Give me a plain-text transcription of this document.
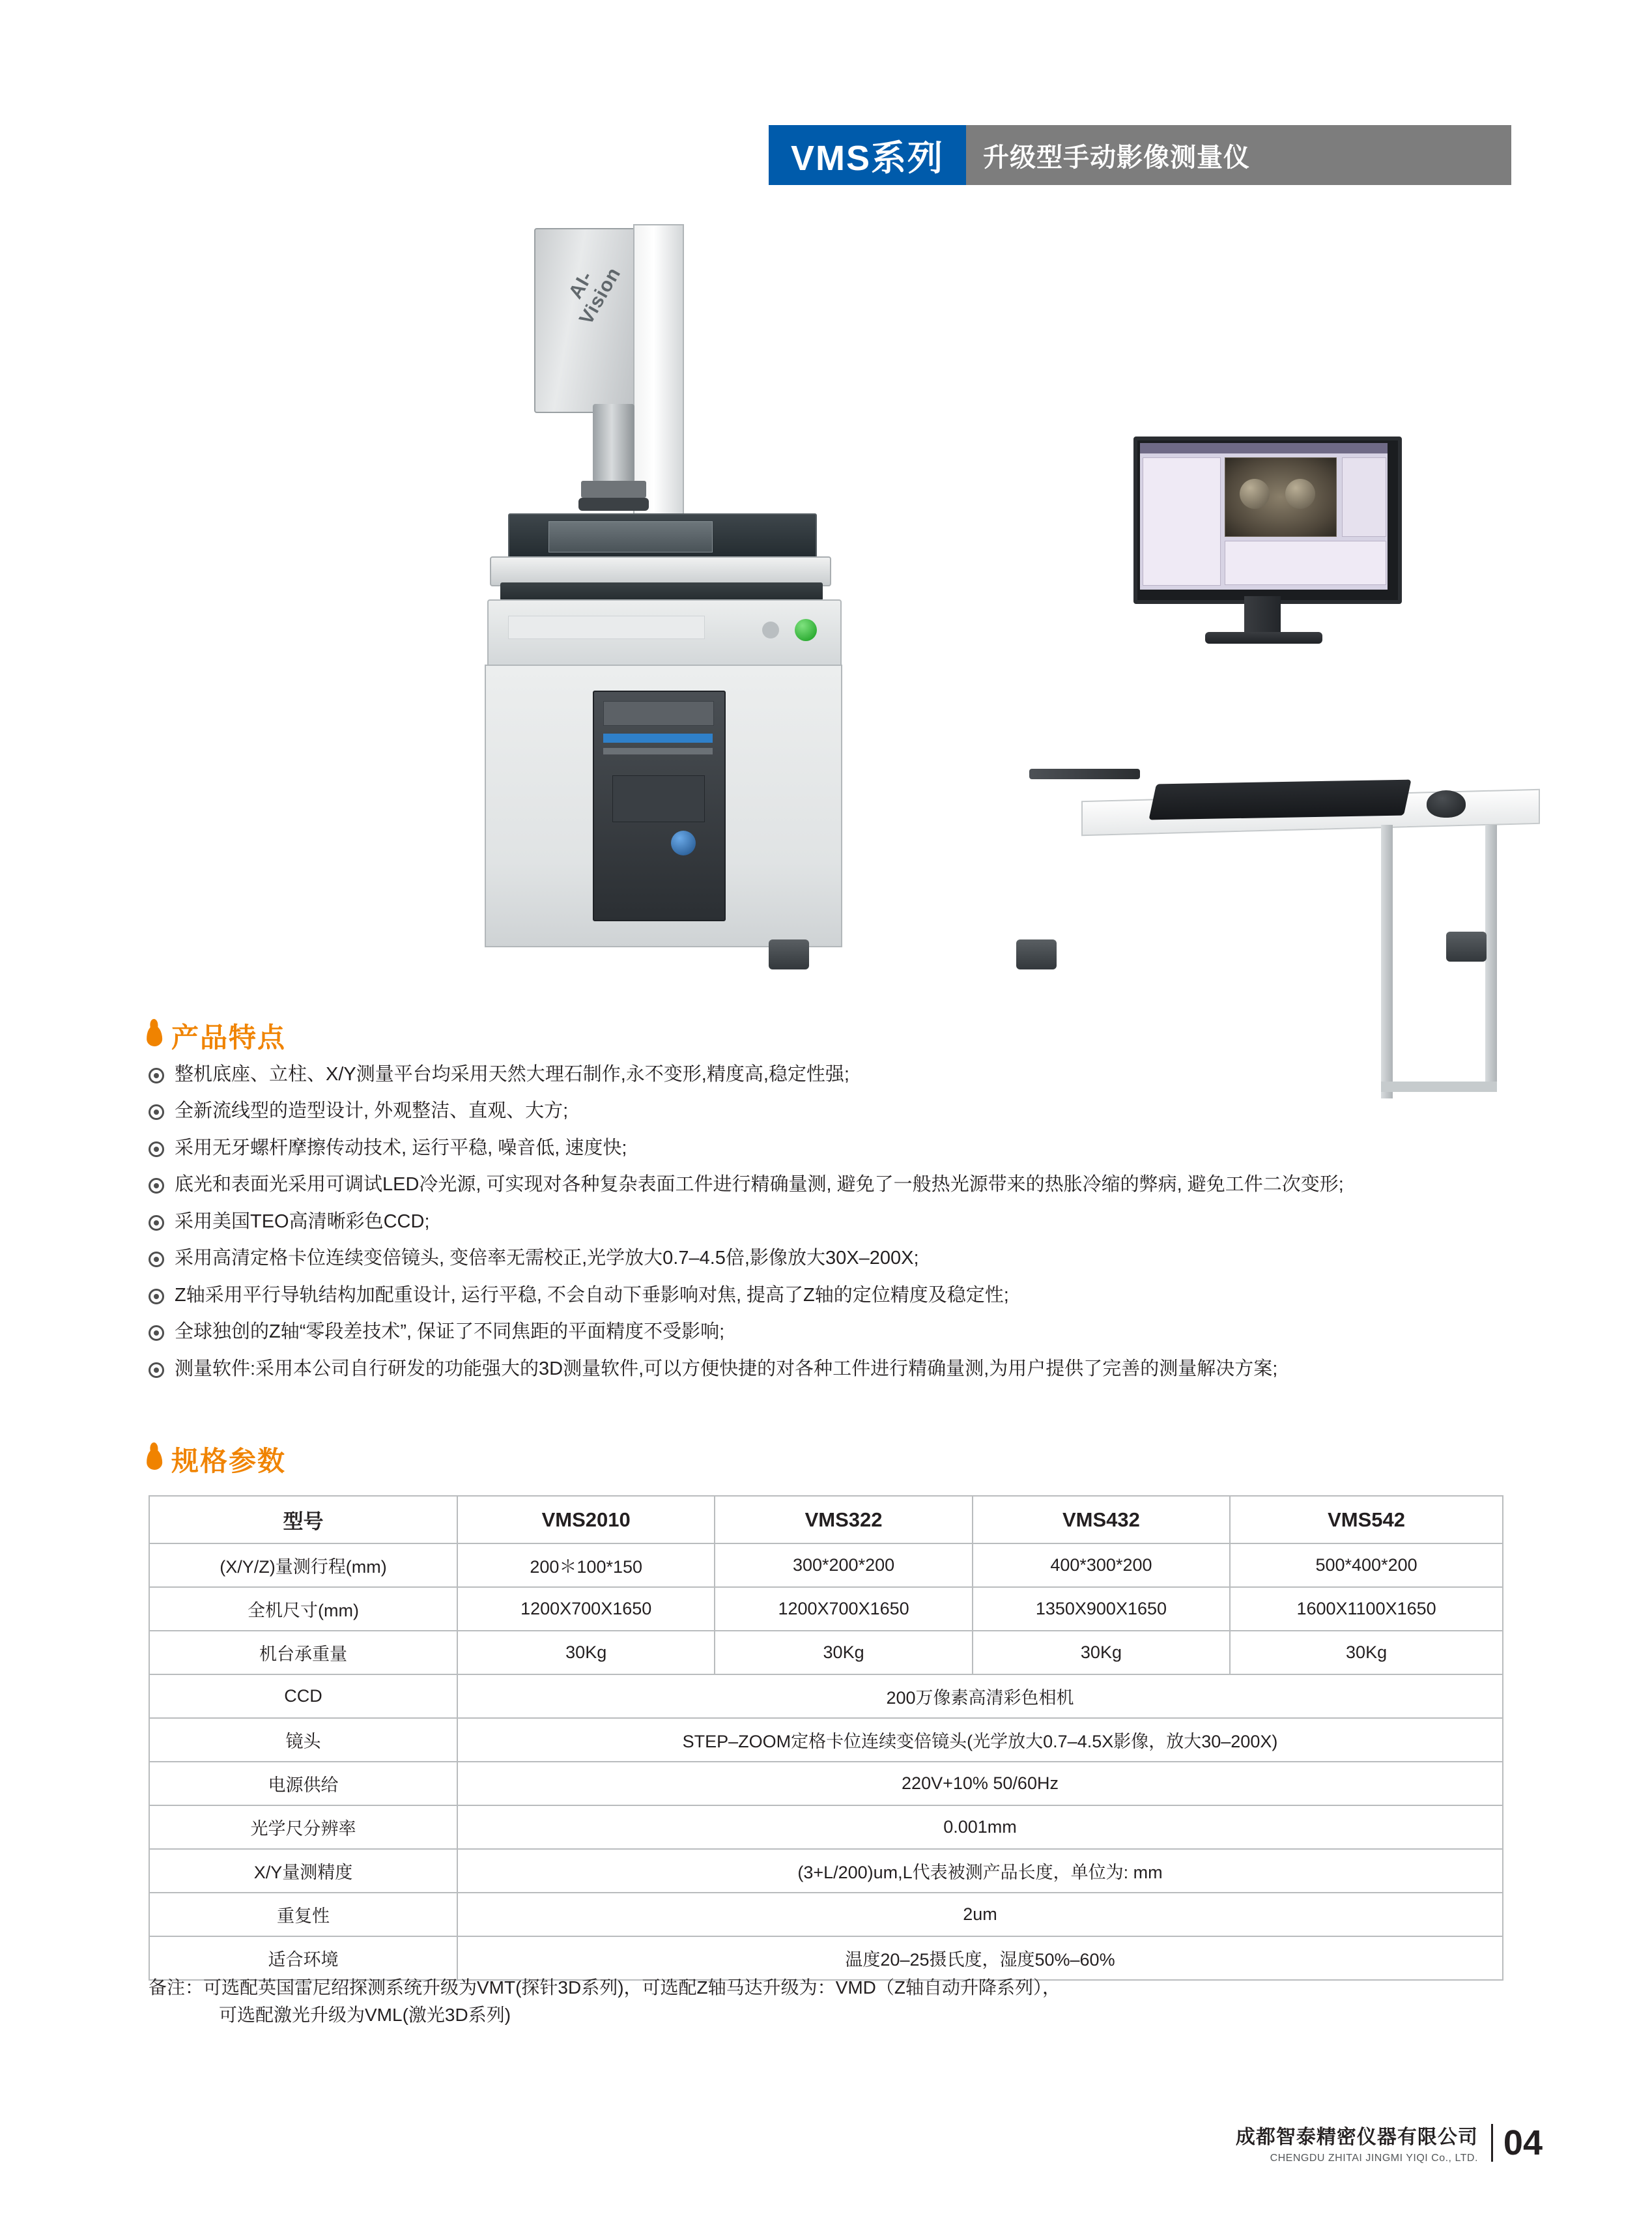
VMS系列	升级型手动影像测量仪
AI-Vision
产品特点
整机底座、立柱、X/Y测量平台均采用天然大理石制作,永不变形,精度高,稳定性强;
全新流线型的造型设计, 外观整洁、直观、大方;
采用无牙螺杆摩擦传动技术, 运行平稳, 噪音低, 速度快;
底光和表面光采用可调试LED冷光源, 可实现对各种复杂表面工件进行精确量测, 避免了一般热光源带来的热胀冷缩的弊病, 避免工件二次变形;
采用美国TEO高清晰彩色CCD;
采用高清定格卡位连续变倍镜头, 变倍率无需校正,光学放大0.7–4.5倍,影像放大30X–200X;
Z轴采用平行导轨结构加配重设计, 运行平稳, 不会自动下垂影响对焦, 提高了Z轴的定位精度及稳定性;
全球独创的Z轴“零段差技术”, 保证了不同焦距的平面精度不受影响;
测量软件:采用本公司自行研发的功能强大的3D测量软件,可以方便快捷的对各种工件进行精确量测,为用户提供了完善的测量解决方案;
规格参数
型号	VMS2010	VMS322	VMS432	VMS542
(X/Y/Z)量测行程(mm)	200＊100*150	300*200*200	400*300*200	500*400*200
全机尺寸(mm)	1200X700X1650	1200X700X1650	1350X900X1650	1600X1100X1650
机台承重量	30Kg	30Kg	30Kg	30Kg
CCD	200万像素高清彩色相机			
镜头	STEP–ZOOM定格卡位连续变倍镜头(光学放大0.7–4.5X影像，放大30–200X)			
电源供给	220V+10% 50/60Hz			
光学尺分辨率	0.001mm			
X/Y量测精度	(3+L/200)um,L代表被测产品长度，单位为: mm			
重复性	2um			
适合环境	温度20–25摄氏度，湿度50%–60%			
备注：可选配英国雷尼绍探测系统升级为VMT(探针3D系列)，可选配Z轴马达升级为：VMD（Z轴自动升降系列），
可选配激光升级为VML(激光3D系列)
成都智泰精密仪器有限公司
CHENGDU ZHITAI JINGMI YIQI Co., LTD. 04
